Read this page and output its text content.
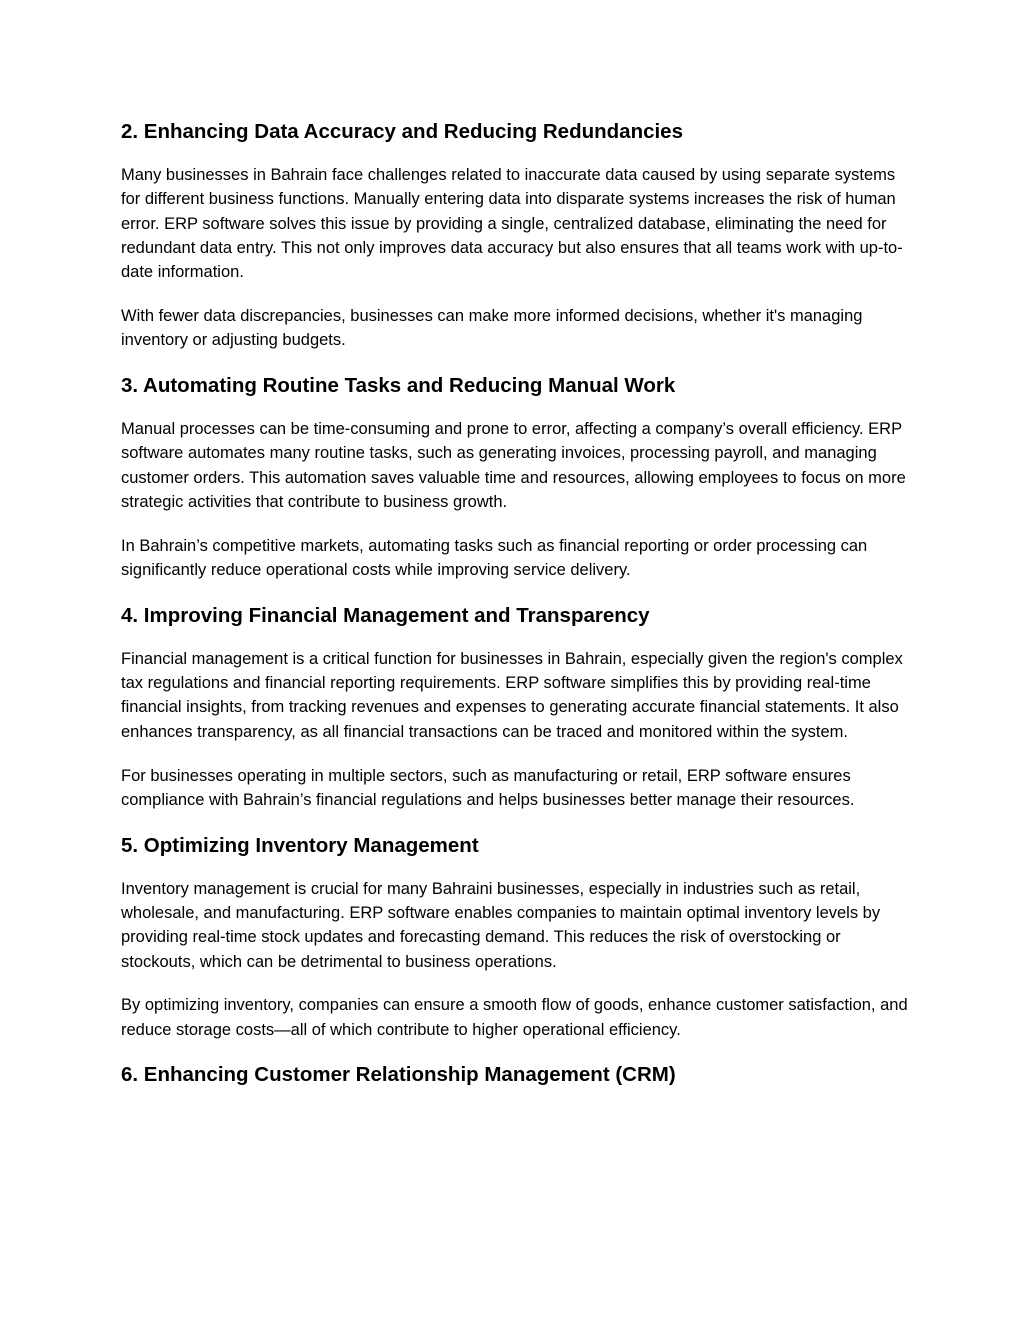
2. Enhancing Data Accuracy and Reducing Redundancies

Many businesses in Bahrain face challenges related to inaccurate data caused by using separate systems for different business functions. Manually entering data into disparate systems increases the risk of human error. ERP software solves this issue by providing a single, centralized database, eliminating the need for redundant data entry. This not only improves data accuracy but also ensures that all teams work with up-to-date information.

With fewer data discrepancies, businesses can make more informed decisions, whether it's managing inventory or adjusting budgets.

3. Automating Routine Tasks and Reducing Manual Work

Manual processes can be time-consuming and prone to error, affecting a company’s overall efficiency. ERP software automates many routine tasks, such as generating invoices, processing payroll, and managing customer orders. This automation saves valuable time and resources, allowing employees to focus on more strategic activities that contribute to business growth.

In Bahrain’s competitive markets, automating tasks such as financial reporting or order processing can significantly reduce operational costs while improving service delivery.

4. Improving Financial Management and Transparency

Financial management is a critical function for businesses in Bahrain, especially given the region's complex tax regulations and financial reporting requirements. ERP software simplifies this by providing real-time financial insights, from tracking revenues and expenses to generating accurate financial statements. It also enhances transparency, as all financial transactions can be traced and monitored within the system.

For businesses operating in multiple sectors, such as manufacturing or retail, ERP software ensures compliance with Bahrain’s financial regulations and helps businesses better manage their resources.

5. Optimizing Inventory Management

Inventory management is crucial for many Bahraini businesses, especially in industries such as retail, wholesale, and manufacturing. ERP software enables companies to maintain optimal inventory levels by providing real-time stock updates and forecasting demand. This reduces the risk of overstocking or stockouts, which can be detrimental to business operations.

By optimizing inventory, companies can ensure a smooth flow of goods, enhance customer satisfaction, and reduce storage costs—all of which contribute to higher operational efficiency.

6. Enhancing Customer Relationship Management (CRM)
